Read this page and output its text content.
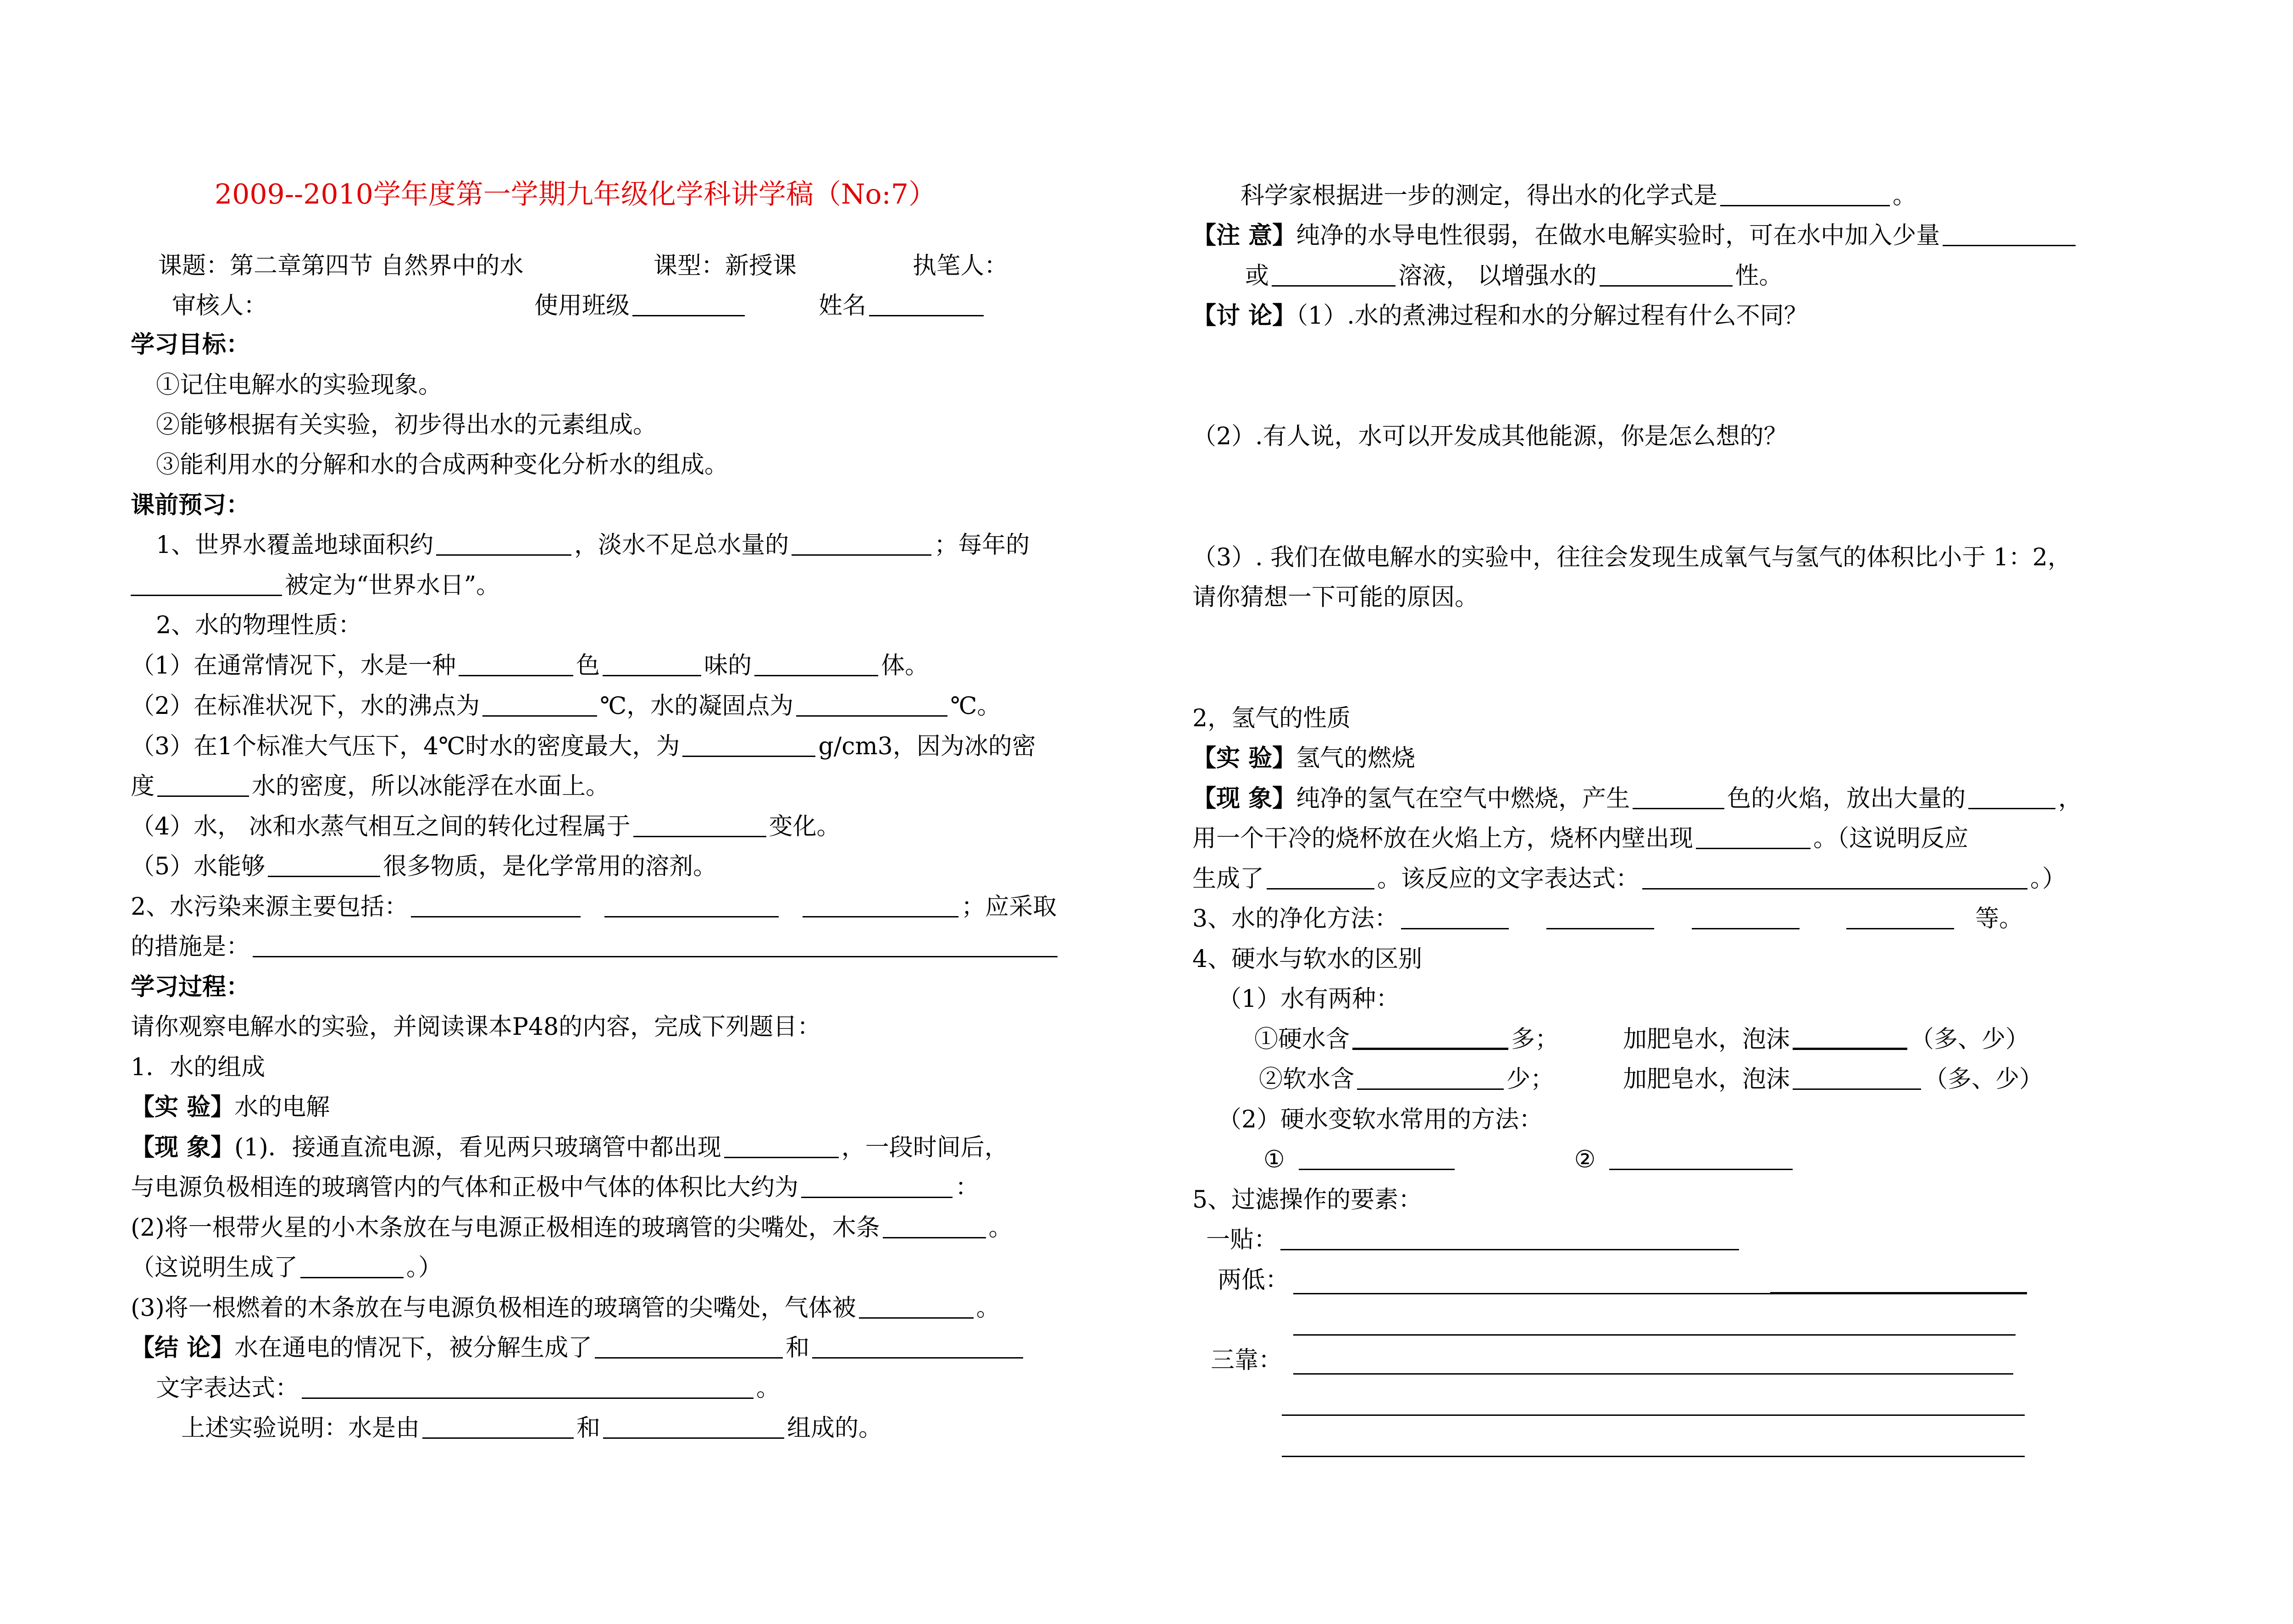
2009--2010学年度第一学期九年级化学科讲学稿（No:7）
课题：第二章第四节 自然界中的水	课型：新授课	执笔人：
审核人：	使用班级	姓名
学习目标：
①记住电解水的实验现象。
②能够根据有关实验，初步得出水的元素组成。
③能利用水的分解和水的合成两种变化分析水的组成。
课前预习：
1、世界水覆盖地球面积约	，淡水不足总水量的	；每年的
被定为“世界水日”。
2、水的物理性质：
（1）在通常情况下，水是一种	色	味的	体。
（2）在标准状况下，水的沸点为	℃，水的凝固点为	℃。
（3）在1个标准大气压下，4℃时水的密度最大，为	g/cm3，因为冰的密
度	水的密度，所以冰能浮在水面上。
（4）水， 冰和水蒸气相互之间的转化过程属于	变化。
（5）水能够	很多物质，是化学常用的溶剂。
2、水污染来源主要包括：	；应采取
的措施是：
学习过程：
请你观察电解水的实验，并阅读课本P48的内容，完成下列题目：
1．水的组成
【实 验】水的电解
【现 象】(1)．接通直流电源，看见两只玻璃管中都出现	，一段时间后，
与电源负极相连的玻璃管内的气体和正极中气体的体积比大约为	：
(2)将一根带火星的小木条放在与电源正极相连的玻璃管的尖嘴处，木条	。
（这说明生成了	。）
(3)将一根燃着的木条放在与电源负极相连的玻璃管的尖嘴处，气体被	。
【结 论】水在通电的情况下，被分解生成了	和
文字表达式：	。
上述实验说明：水是由	和	组成的。
科学家根据进一步的测定，得出水的化学式是	。
【注 意】纯净的水导电性很弱，在做水电解实验时，可在水中加入少量
或	溶液， 以增强水的	性。
【讨 论】（1）.水的煮沸过程和水的分解过程有什么不同？
（2）.有人说，水可以开发成其他能源，你是怎么想的？
（3）. 我们在做电解水的实验中，往往会发现生成氧气与氢气的体积比小于 1：2，
请你猜想一下可能的原因。
2，氢气的性质
【实 验】氢气的燃烧
【现 象】纯净的氢气在空气中燃烧，产生	色的火焰，放出大量的	，
用一个干冷的烧杯放在火焰上方，烧杯内壁出现	。（这说明反应
生成了	。该反应的文字表达式：	。）
3、水的净化方法：	等。
4、硬水与软水的区别
（1）水有两种：
①硬水含	多；	加肥皂水，泡沫	（多、少）
②软水含	少；	加肥皂水，泡沫	（多、少）
（2）硬水变软水常用的方法：
①	②
5、过滤操作的要素：
一贴：
两低：
三靠：
